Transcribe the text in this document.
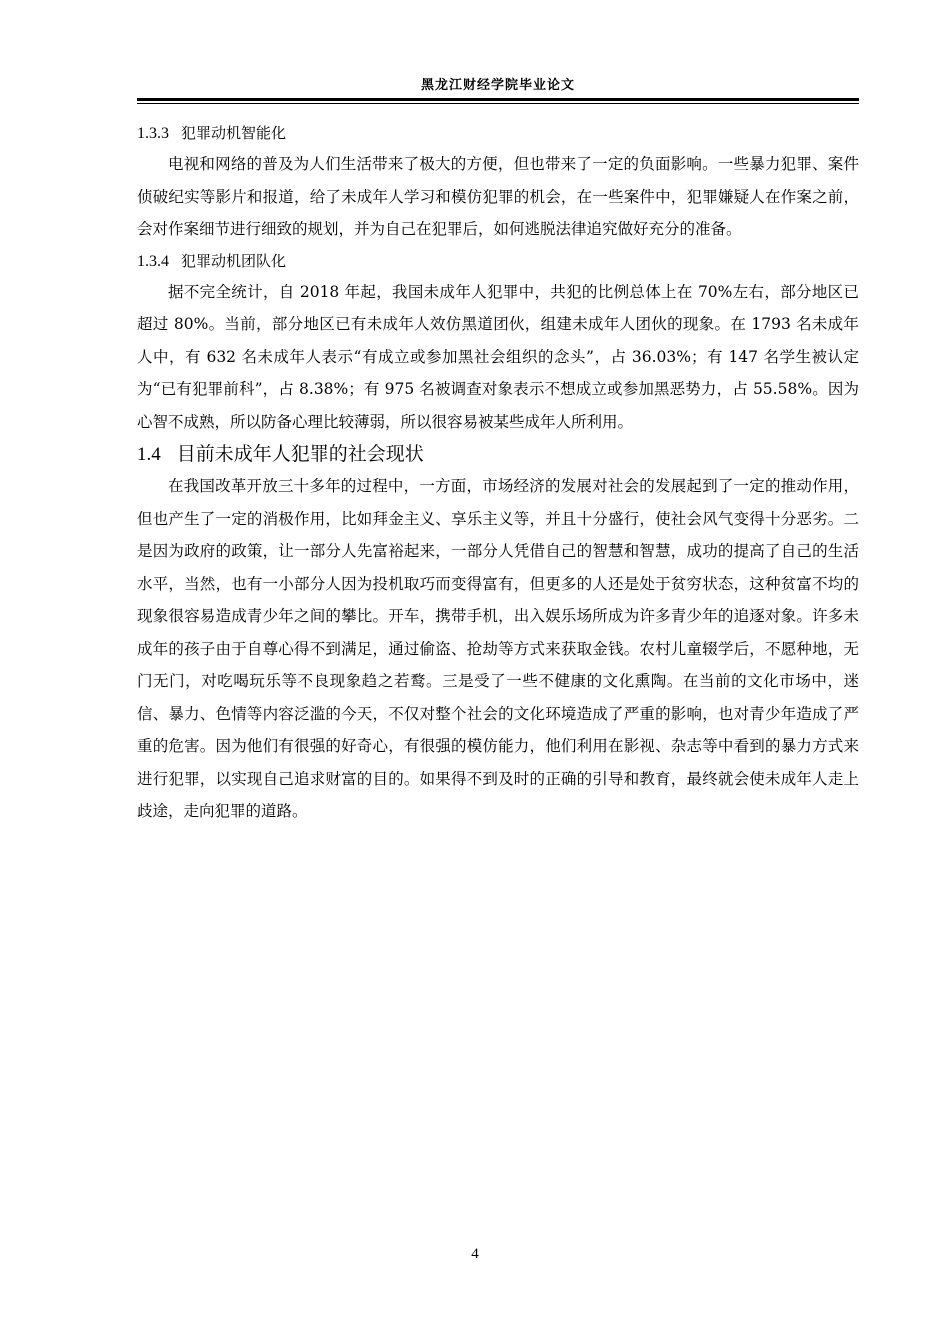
黑龙江财经学院毕业论文
1.3.3 犯罪动机智能化

电视和网络的普及为人们生活带来了极大的方便，但也带来了一定的负面影响。一些暴力犯罪、案件侦破纪实等影片和报道，给了未成年人学习和模仿犯罪的机会，在一些案件中，犯罪嫌疑人在作案之前，会对作案细节进行细致的规划，并为自己在犯罪后，如何逃脱法律追究做好充分的准备。

1.3.4 犯罪动机团队化

据不完全统计，自 2018 年起，我国未成年人犯罪中，共犯的比例总体上在 70%左右，部分地区已超过 80%。当前，部分地区已有未成年人效仿黑道团伙，组建未成年人团伙的现象。在 1793 名未成年人中，有 632 名未成年人表示“有成立或参加黑社会组织的念头”，占 36.03%；有 147 名学生被认定为“已有犯罪前科”，占 8.38%；有 975 名被调查对象表示不想成立或参加黑恶势力，占 55.58%。因为心智不成熟，所以防备心理比较薄弱，所以很容易被某些成年人所利用。

1.4 目前未成年人犯罪的社会现状

在我国改革开放三十多年的过程中，一方面，市场经济的发展对社会的发展起到了一定的推动作用，但也产生了一定的消极作用，比如拜金主义、享乐主义等，并且十分盛行，使社会风气变得十分恶劣。二是因为政府的政策，让一部分人先富裕起来，一部分人凭借自己的智慧和智慧，成功的提高了自己的生活水平，当然，也有一小部分人因为投机取巧而变得富有，但更多的人还是处于贫穷状态，这种贫富不均的现象很容易造成青少年之间的攀比。开车，携带手机，出入娱乐场所成为许多青少年的追逐对象。许多未成年的孩子由于自尊心得不到满足，通过偷盗、抢劫等方式来获取金钱。农村儿童辍学后，不愿种地，无门无门，对吃喝玩乐等不良现象趋之若鹜。三是受了一些不健康的文化熏陶。在当前的文化市场中，迷信、暴力、色情等内容泛滥的今天，不仅对整个社会的文化环境造成了严重的影响，也对青少年造成了严重的危害。因为他们有很强的好奇心，有很强的模仿能力，他们利用在影视、杂志等中看到的暴力方式来进行犯罪，以实现自己追求财富的目的。如果得不到及时的正确的引导和教育，最终就会使未成年人走上歧途，走向犯罪的道路。

4
